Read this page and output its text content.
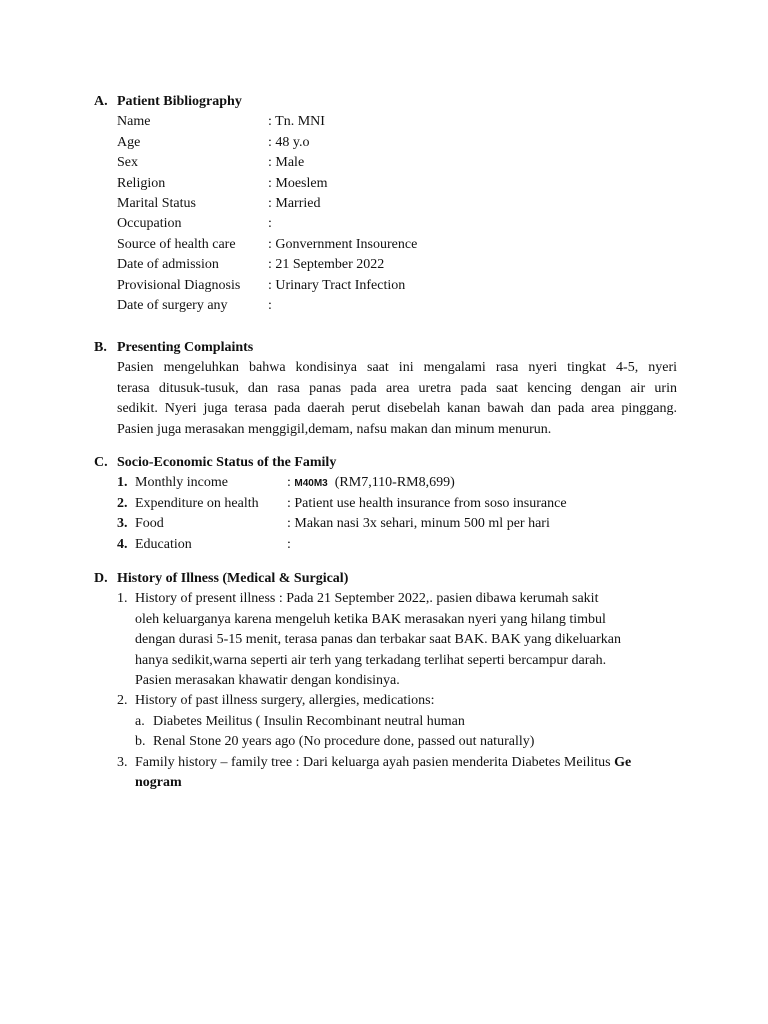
A. Patient Bibliography
Name	: Tn. MNI
Age	: 48 y.o
Sex	: Male
Religion	: Moeslem
Marital Status	: Married
Occupation	:
Source of health care : Gonvernment Insourence
Date of admission	: 21 September 2022
Provisional Diagnosis : Urinary Tract Infection
Date of surgery any	:
B. Presenting Complaints
Pasien mengeluhkan bahwa kondisinya saat ini mengalami rasa nyeri tingkat 4-5, nyeri
terasa ditusuk-tusuk, dan rasa panas pada area uretra pada saat kencing dengan air urin
sedikit. Nyeri juga terasa pada daerah perut disebelah kanan bawah dan pada area pinggang.
Pasien juga merasakan menggigil,demam, nafsu makan dan minum menurun.
C. Socio-Economic Status of the Family
1. Monthly income	: M40M3 (RM7,110-RM8,699)
2. Expenditure on health : Patient use health insurance from soso insurance
3. Food	: Makan nasi 3x sehari, minum 500 ml per hari
4. Education	:
D. History of Illness (Medical & Surgical)
1. History of present illness : Pada 21 September 2022,. pasien dibawa kerumah sakit
oleh keluarganya karena mengeluh ketika BAK merasakan nyeri yang hilang timbul
dengan durasi 5-15 menit, terasa panas dan terbakar saat BAK. BAK yang dikeluarkan
hanya sedikit,warna seperti air terh yang terkadang terlihat seperti bercampur darah.
Pasien merasakan khawatir dengan kondisinya.
2. History of past illness surgery, allergies, medications:
a. Diabetes Meilitus ( Insulin Recombinant neutral human
b. Renal Stone 20 years ago (No procedure done, passed out naturally)
3. Family history – family tree : Dari keluarga ayah pasien menderita Diabetes Meilitus Ge
nogram
